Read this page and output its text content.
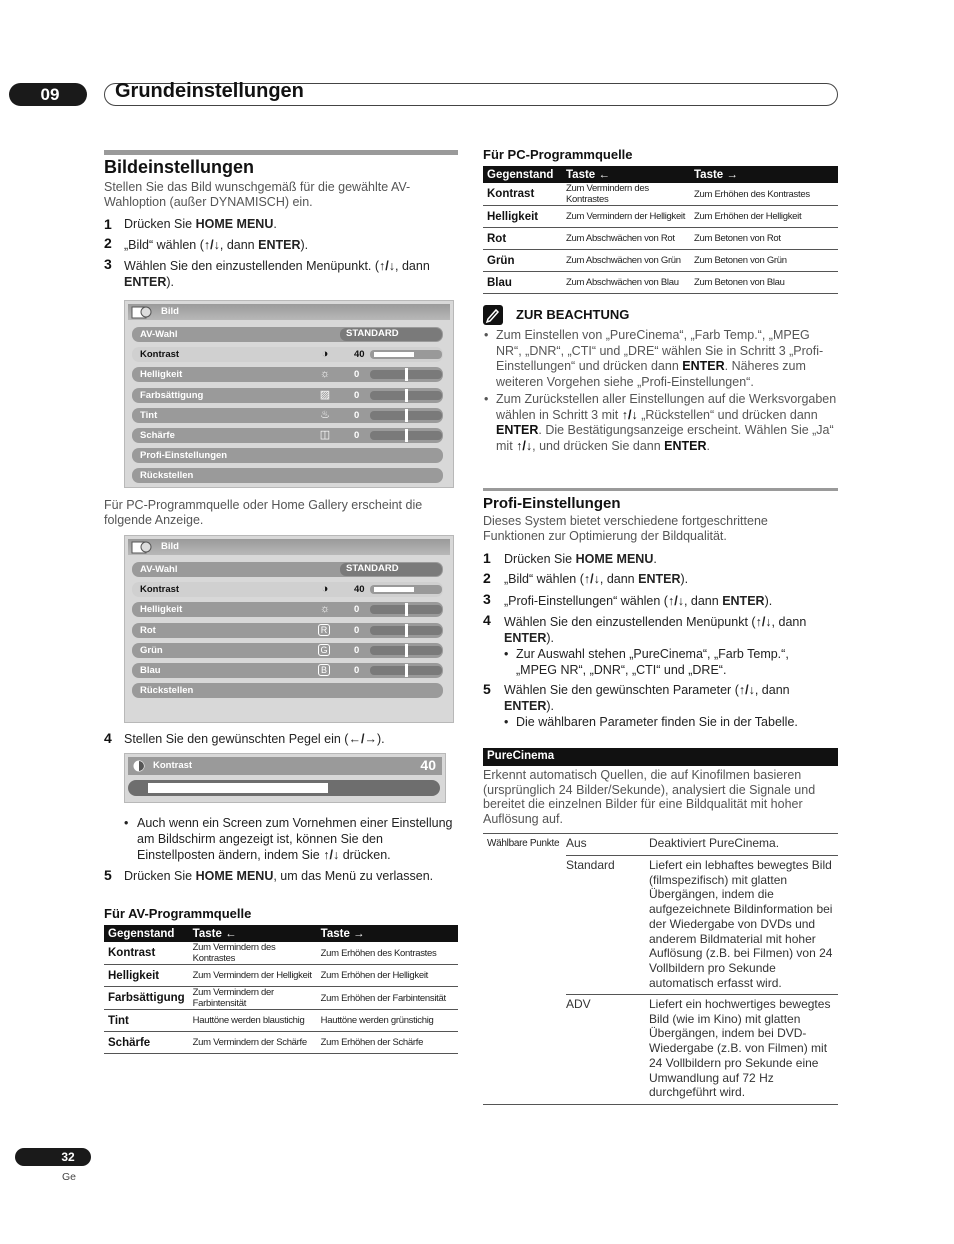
09	Grundeinstellungen
Bildeinstellungen
Stellen Sie das Bild wunschgemäß für die gewählte AV-Wahloption (außer DYNAMISCH) ein.
1 Drücken Sie HOME MENU.
2 „Bild“ wählen (↑/↓, dann ENTER).
3 Wählen Sie den einzustellenden Menüpunkt. (↑/↓, dann ENTER).
Bild
AV-Wahl	STANDARD
Kontrast	◑	40
Helligkeit	☼	0
Farbsättigung	▨	0
Tint	♨	0
Schärfe	◫	0
Profi-Einstellungen
Rückstellen
Für PC-Programmquelle oder Home Gallery erscheint die folgende Anzeige.
Bild
AV-Wahl	STANDARD
Kontrast	◑	40
Helligkeit	☼	0
Rot	R	0
Grün	G	0
Blau	B	0
Rückstellen
4 Stellen Sie den gewünschten Pegel ein (←/→).
Kontrast	40
• Auch wenn ein Screen zum Vornehmen einer Einstellung am Bildschirm angezeigt ist, können Sie den Einstellposten ändern, indem Sie ↑/↓ drücken.
5 Drücken Sie HOME MENU, um das Menü zu verlassen.
Für AV-Programmquelle
Gegenstand	Taste ←	Taste →
Kontrast	Zum Vermindern des Kontrastes	Zum Erhöhen des Kontrastes
Helligkeit	Zum Vermindern der Helligkeit	Zum Erhöhen der Helligkeit
Farbsättigung	Zum Vermindern der Farbintensität	Zum Erhöhen der Farbintensität
Tint	Hauttöne werden blaustichig	Hauttöne werden grünstichig
Schärfe	Zum Vermindern der Schärfe	Zum Erhöhen der Schärfe
Für PC-Programmquelle
Gegenstand	Taste ←	Taste →
Kontrast	Zum Vermindern des Kontrastes	Zum Erhöhen des Kontrastes
Helligkeit	Zum Vermindern der Helligkeit	Zum Erhöhen der Helligkeit
Rot	Zum Abschwächen von Rot	Zum Betonen von Rot
Grün	Zum Abschwächen von Grün	Zum Betonen von Grün
Blau	Zum Abschwächen von Blau	Zum Betonen von Blau
ZUR BEACHTUNG
• Zum Einstellen von „PureCinema“, „Farb Temp.“, „MPEG NR“, „DNR“, „CTI“ und „DRE“ wählen Sie in Schritt 3 „Profi-Einstellungen“ und drücken dann ENTER. Näheres zum weiteren Vorgehen siehe „Profi-Einstellungen“.
• Zum Zurückstellen aller Einstellungen auf die Werksvorgaben wählen in Schritt 3 mit ↑/↓ „Rückstellen“ und drücken dann ENTER. Die Bestätigungsanzeige erscheint. Wählen Sie „Ja“ mit ↑/↓, und drücken Sie dann ENTER.
Profi-Einstellungen
Dieses System bietet verschiedene fortgeschrittene Funktionen zur Optimierung der Bildqualität.
1 Drücken Sie HOME MENU.
2 „Bild“ wählen (↑/↓, dann ENTER).
3 „Profi-Einstellungen“ wählen (↑/↓, dann ENTER).
4 Wählen Sie den einzustellenden Menüpunkt (↑/↓, dann ENTER).
• Zur Auswahl stehen „PureCinema“, „Farb Temp.“, „MPEG NR“, „DNR“, „CTI“ und „DRE“.
5 Wählen Sie den gewünschten Parameter (↑/↓, dann ENTER).
• Die wählbaren Parameter finden Sie in der Tabelle.
PureCinema
Erkennt automatisch Quellen, die auf Kinofilmen basieren (ursprünglich 24 Bilder/Sekunde), analysiert die Signale und bereitet die einzelnen Bilder für eine Bildqualität mit hoher Auflösung auf.
Wählbare Punkte Aus	Deaktiviert PureCinema.
Standard	Liefert ein lebhaftes bewegtes Bild (filmspezifisch) mit glatten Übergängen, indem die aufgezeichnete Bildinformation bei der Wiedergabe von DVDs und anderem Bildmaterial mit hoher Auflösung (z.B. bei Filmen) von 24 Vollbildern pro Sekunde automatisch erfasst wird.
ADV	Liefert ein hochwertiges bewegtes Bild (wie im Kino) mit glatten Übergängen, indem bei DVD-Wiedergabe (z.B. von Filmen) mit 24 Vollbildern pro Sekunde eine Umwandlung auf 72 Hz durchgeführt wird.
32
Ge
